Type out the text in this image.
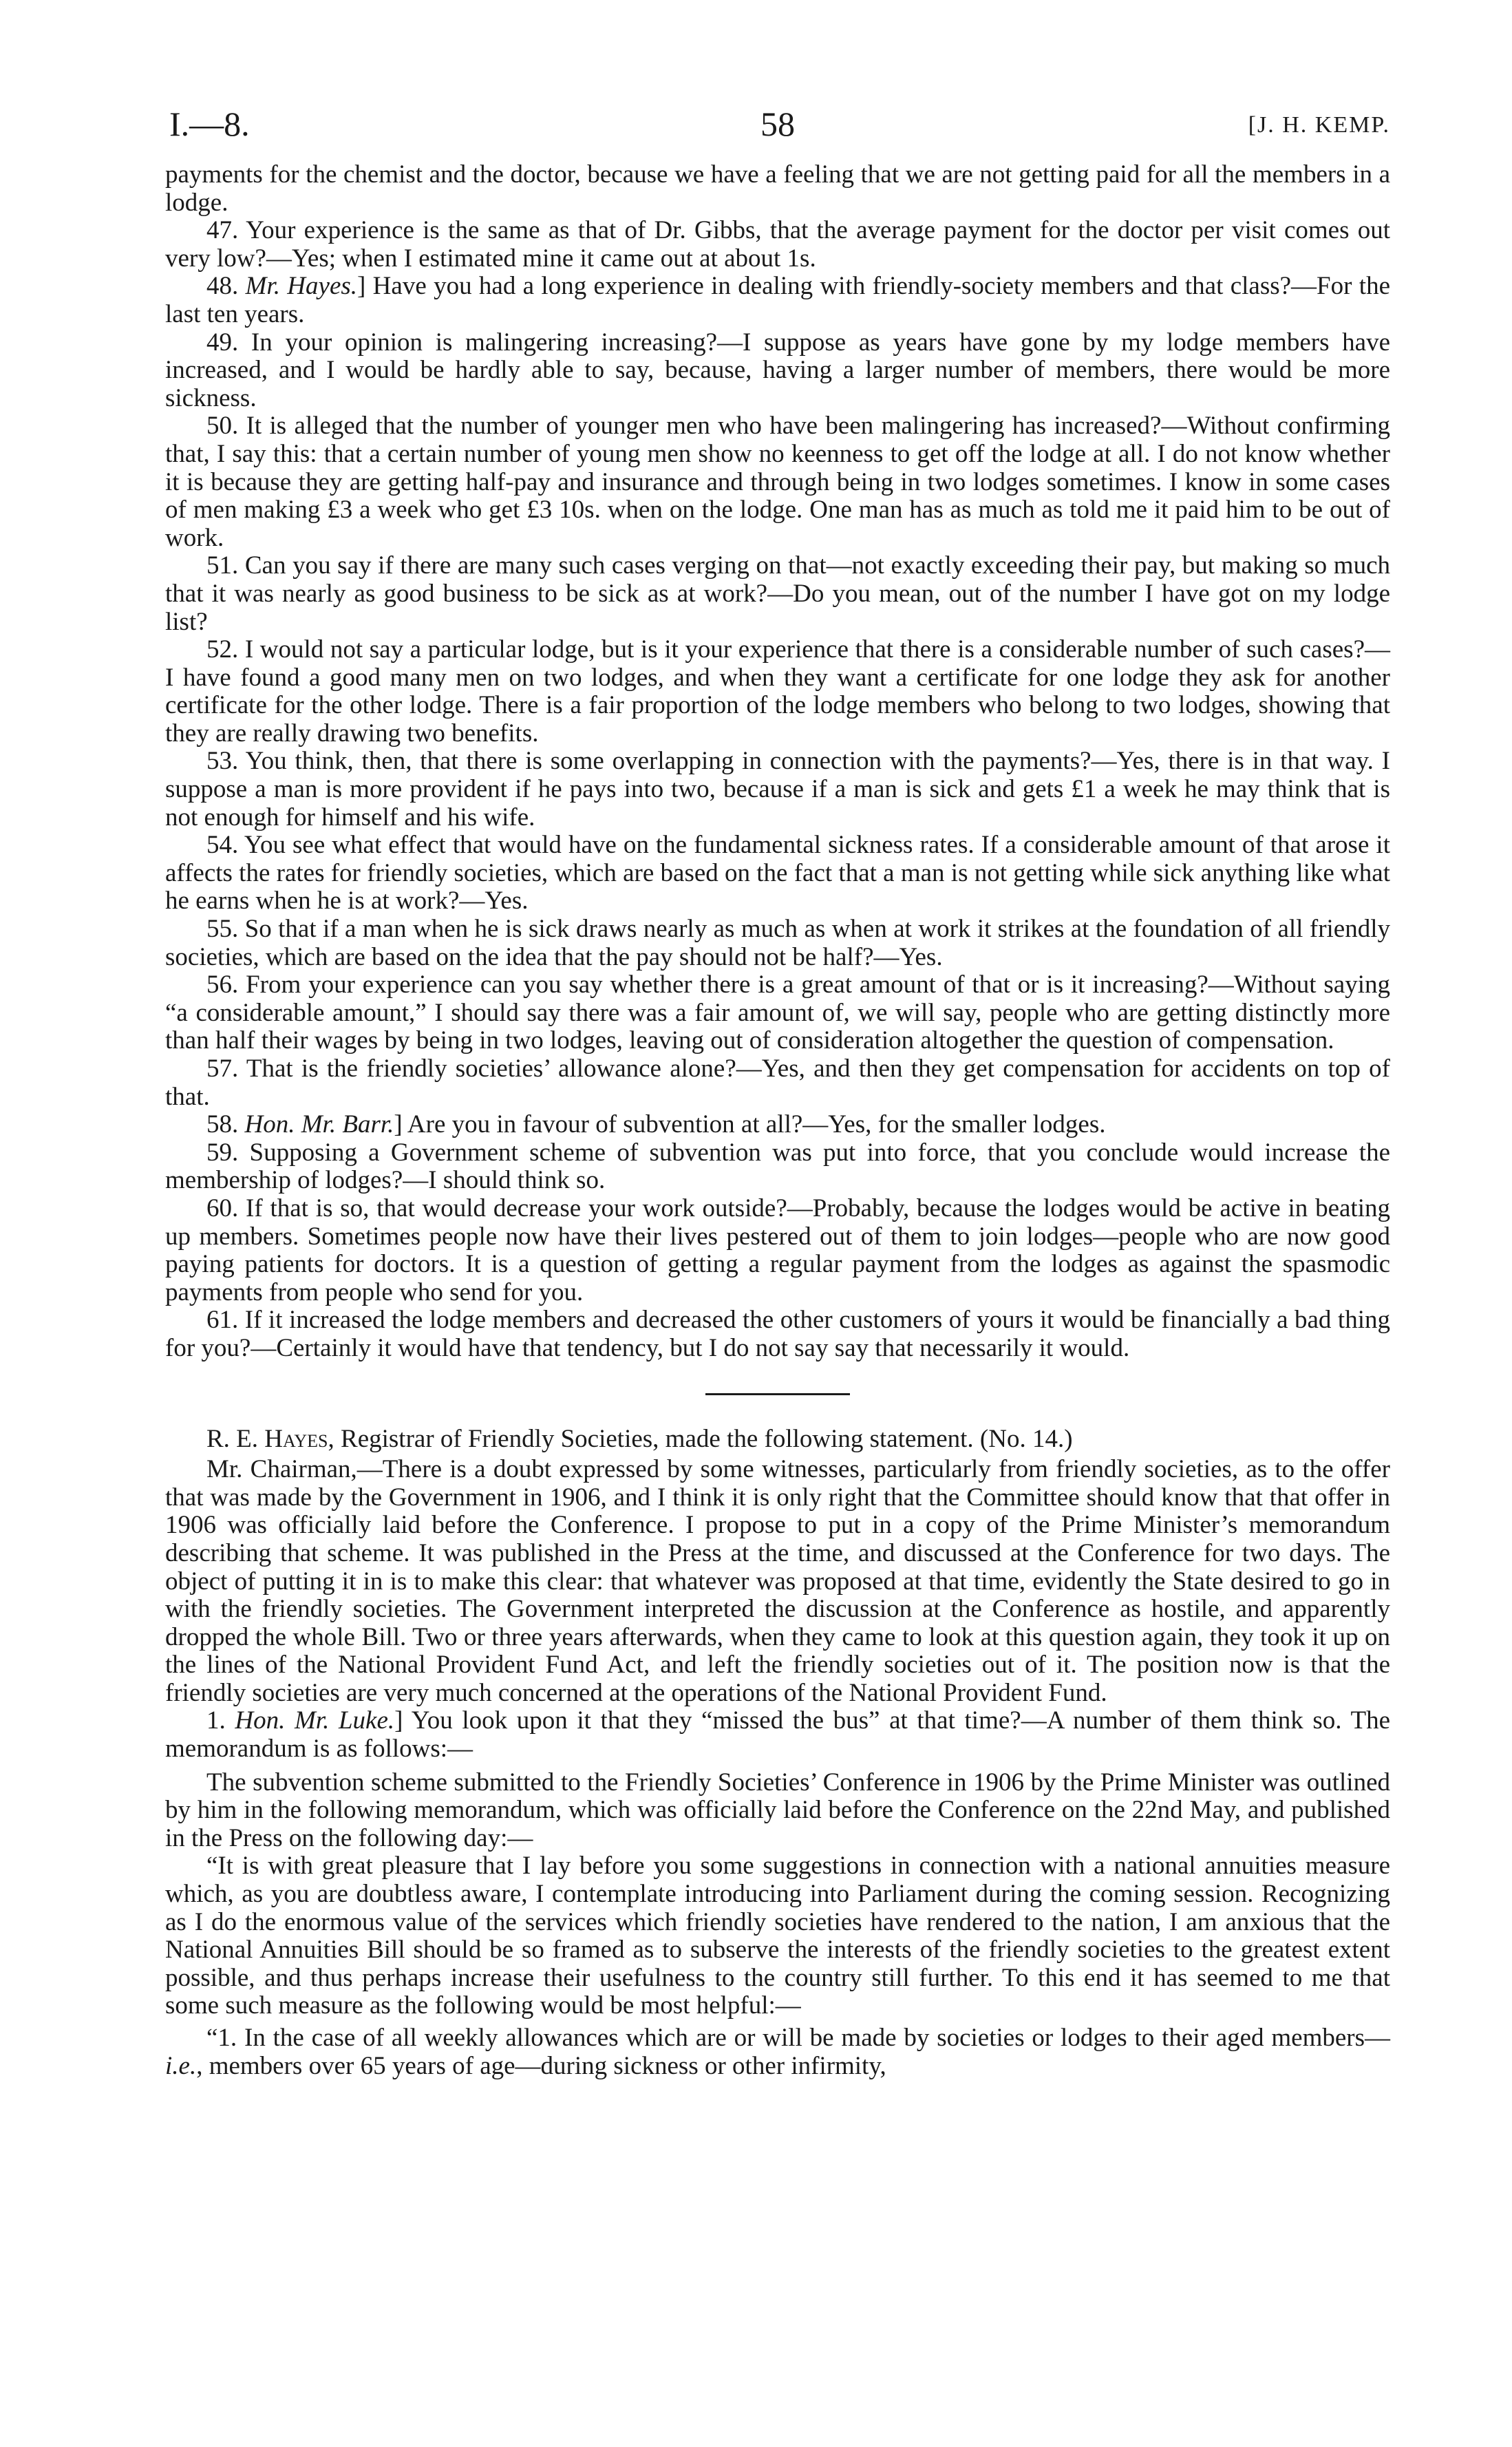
I.—8.	58	[J. H. KEMP.

payments for the chemist and the doctor, because we have a feeling that we are not getting paid for all the members in a lodge.

47. Your experience is the same as that of Dr. Gibbs, that the average payment for the doctor per visit comes out very low?—Yes; when I estimated mine it came out at about 1s.

48. Mr. Hayes.] Have you had a long experience in dealing with friendly-society members and that class?—For the last ten years.

49. In your opinion is malingering increasing?—I suppose as years have gone by my lodge members have increased, and I would be hardly able to say, because, having a larger number of members, there would be more sickness.

50. It is alleged that the number of younger men who have been malingering has increased?—Without confirming that, I say this: that a certain number of young men show no keenness to get off the lodge at all. I do not know whether it is because they are getting half-pay and insurance and through being in two lodges sometimes. I know in some cases of men making £3 a week who get £3 10s. when on the lodge. One man has as much as told me it paid him to be out of work.

51. Can you say if there are many such cases verging on that—not exactly exceeding their pay, but making so much that it was nearly as good business to be sick as at work?—Do you mean, out of the number I have got on my lodge list?

52. I would not say a particular lodge, but is it your experience that there is a considerable number of such cases?—I have found a good many men on two lodges, and when they want a certificate for one lodge they ask for another certificate for the other lodge. There is a fair proportion of the lodge members who belong to two lodges, showing that they are really drawing two benefits.

53. You think, then, that there is some overlapping in connection with the payments?—Yes, there is in that way. I suppose a man is more provident if he pays into two, because if a man is sick and gets £1 a week he may think that is not enough for himself and his wife.

54. You see what effect that would have on the fundamental sickness rates. If a considerable amount of that arose it affects the rates for friendly societies, which are based on the fact that a man is not getting while sick anything like what he earns when he is at work?—Yes.

55. So that if a man when he is sick draws nearly as much as when at work it strikes at the foundation of all friendly societies, which are based on the idea that the pay should not be half?—Yes.

56. From your experience can you say whether there is a great amount of that or is it increasing?—Without saying “a considerable amount,” I should say there was a fair amount of, we will say, people who are getting distinctly more than half their wages by being in two lodges, leaving out of consideration altogether the question of compensation.

57. That is the friendly societies’ allowance alone?—Yes, and then they get compensation for accidents on top of that.

58. Hon. Mr. Barr.] Are you in favour of subvention at all?—Yes, for the smaller lodges.

59. Supposing a Government scheme of subvention was put into force, that you conclude would increase the membership of lodges?—I should think so.

60. If that is so, that would decrease your work outside?—Probably, because the lodges would be active in beating up members. Sometimes people now have their lives pestered out of them to join lodges—people who are now good paying patients for doctors. It is a question of getting a regular payment from the lodges as against the spasmodic payments from people who send for you.

61. If it increased the lodge members and decreased the other customers of yours it would be financially a bad thing for you?—Certainly it would have that tendency, but I do not say say that necessarily it would.

R. E. Hayes, Registrar of Friendly Societies, made the following statement. (No. 14.)

Mr. Chairman,—There is a doubt expressed by some witnesses, particularly from friendly societies, as to the offer that was made by the Government in 1906, and I think it is only right that the Committee should know that that offer in 1906 was officially laid before the Conference. I propose to put in a copy of the Prime Minister’s memorandum describing that scheme. It was published in the Press at the time, and discussed at the Conference for two days. The object of putting it in is to make this clear: that whatever was proposed at that time, evidently the State desired to go in with the friendly societies. The Government interpreted the discussion at the Conference as hostile, and apparently dropped the whole Bill. Two or three years afterwards, when they came to look at this question again, they took it up on the lines of the National Provident Fund Act, and left the friendly societies out of it. The position now is that the friendly societies are very much concerned at the operations of the National Provident Fund.

1. Hon. Mr. Luke.] You look upon it that they “missed the bus” at that time?—A number of them think so. The memorandum is as follows:—

The subvention scheme submitted to the Friendly Societies’ Conference in 1906 by the Prime Minister was outlined by him in the following memorandum, which was officially laid before the Conference on the 22nd May, and published in the Press on the following day:—

“It is with great pleasure that I lay before you some suggestions in connection with a national annuities measure which, as you are doubtless aware, I contemplate introducing into Parliament during the coming session. Recognizing as I do the enormous value of the services which friendly societies have rendered to the nation, I am anxious that the National Annuities Bill should be so framed as to subserve the interests of the friendly societies to the greatest extent possible, and thus perhaps increase their usefulness to the country still further. To this end it has seemed to me that some such measure as the following would be most helpful:—

“1. In the case of all weekly allowances which are or will be made by societies or lodges to their aged members—i.e., members over 65 years of age—during sickness or other infirmity,
